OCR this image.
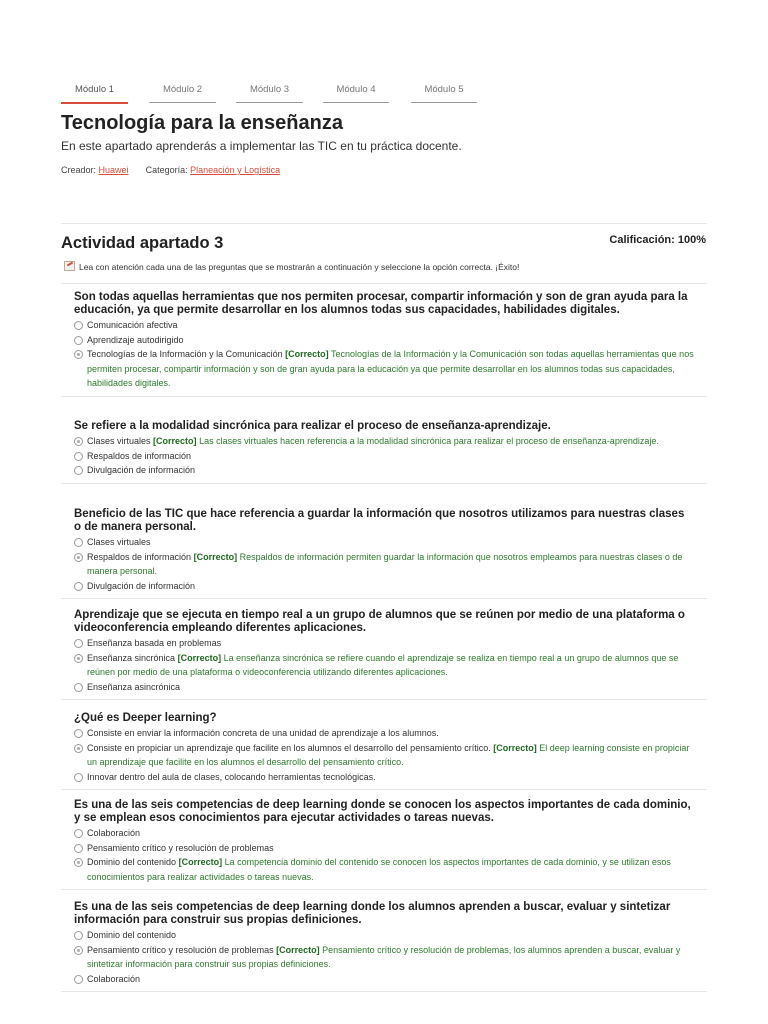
Módulo 1	Módulo 2	Módulo 3	Módulo 4	Módulo 5
Tecnología para la enseñanza
En este apartado aprenderás a implementar las TIC en tu práctica docente.
Creador: Huawei Categoría: Planeación y Logística
Actividad apartado 3	Calificación: 100%
Lea con atención cada una de las preguntas que se mostrarán a continuación y seleccione la opción correcta. ¡Éxito!

Son todas aquellas herramientas que nos permiten procesar, compartir información y son de gran ayuda para la educación, ya que permite desarrollar en los alumnos todas sus capacidades, habilidades digitales.

Comunicación afectiva
Aprendizaje autodirigido
Tecnologías de la Información y la Comunicación [Correcto] Tecnologías de la Información y la Comunicación son todas aquellas herramientas que nos permiten procesar, compartir información y son de gran ayuda para la educación ya que permite desarrollar en los alumnos todas sus capacidades, habilidades digitales.

Se refiere a la modalidad sincrónica para realizar el proceso de enseñanza-aprendizaje.

Clases virtuales [Correcto] Las clases virtuales hacen referencia a la modalidad sincrónica para realizar el proceso de enseñanza-aprendizaje.
Respaldos de información
Divulgación de información

Beneficio de las TIC que hace referencia a guardar la información que nosotros utilizamos para nuestras clases o de manera personal.

Clases virtuales
Respaldos de información [Correcto] Respaldos de información permiten guardar la información que nosotros empleamos para nuestras clases o de manera personal.
Divulgación de información

Aprendizaje que se ejecuta en tiempo real a un grupo de alumnos que se reúnen por medio de una plataforma o videoconferencia empleando diferentes aplicaciones.

Enseñanza basada en problemas
Enseñanza sincrónica [Correcto] La enseñanza sincrónica se refiere cuando el aprendizaje se realiza en tiempo real a un grupo de alumnos que se reúnen por medio de una plataforma o videoconferencia utilizando diferentes aplicaciones.
Enseñanza asincrónica

¿Qué es Deeper learning?

Consiste en enviar la información concreta de una unidad de aprendizaje a los alumnos.
Consiste en propiciar un aprendizaje que facilite en los alumnos el desarrollo del pensamiento crítico. [Correcto] El deep learning consiste en propiciar un aprendizaje que facilite en los alumnos el desarrollo del pensamiento crítico.
Innovar dentro del aula de clases, colocando herramientas tecnológicas.

Es una de las seis competencias de deep learning donde se conocen los aspectos importantes de cada dominio, y se emplean esos conocimientos para ejecutar actividades o tareas nuevas.

Colaboración
Pensamiento crítico y resolución de problemas
Dominio del contenido [Correcto] La competencia dominio del contenido se conocen los aspectos importantes de cada dominio, y se utilizan esos conocimientos para realizar actividades o tareas nuevas.

Es una de las seis competencias de deep learning donde los alumnos aprenden a buscar, evaluar y sintetizar información para construir sus propias definiciones.

Dominio del contenido
Pensamiento crítico y resolución de problemas [Correcto] Pensamiento crítico y resolución de problemas, los alumnos aprenden a buscar, evaluar y sintetizar información para construir sus propias definiciones.
Colaboración
